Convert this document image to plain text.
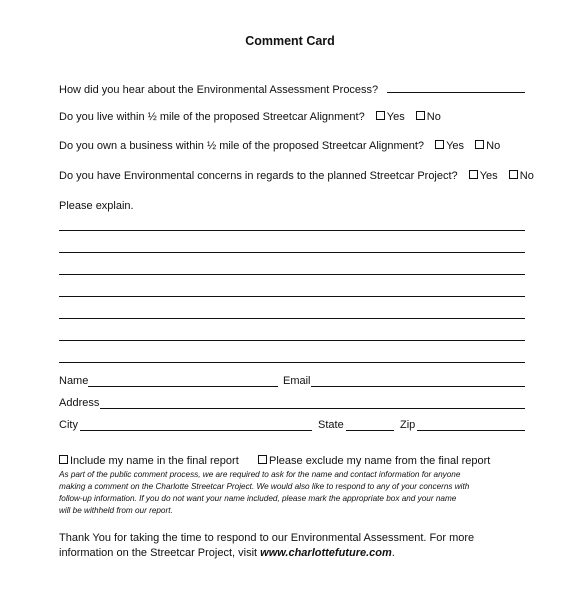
Comment Card
How did you hear about the Environmental Assessment Process?
Do you live within ½ mile of the proposed Streetcar Alignment? Yes No
Do you own a business within ½ mile of the proposed Streetcar Alignment? Yes No
Do you have Environmental concerns in regards to the planned Streetcar Project? Yes No
Please explain.
Name	Email
Address
City	State	Zip
Include my name in the final report	Please exclude my name from the final report
As part of the public comment process, we are required to ask for the name and contact information for anyone
making a comment on the Charlotte Streetcar Project. We would also like to respond to any of your concerns with
follow-up information. If you do not want your name included, please mark the appropriate box and your name
will be withheld from our report.
Thank You for taking the time to respond to our Environmental Assessment. For more
information on the Streetcar Project, visit www.charlottefuture.com.
